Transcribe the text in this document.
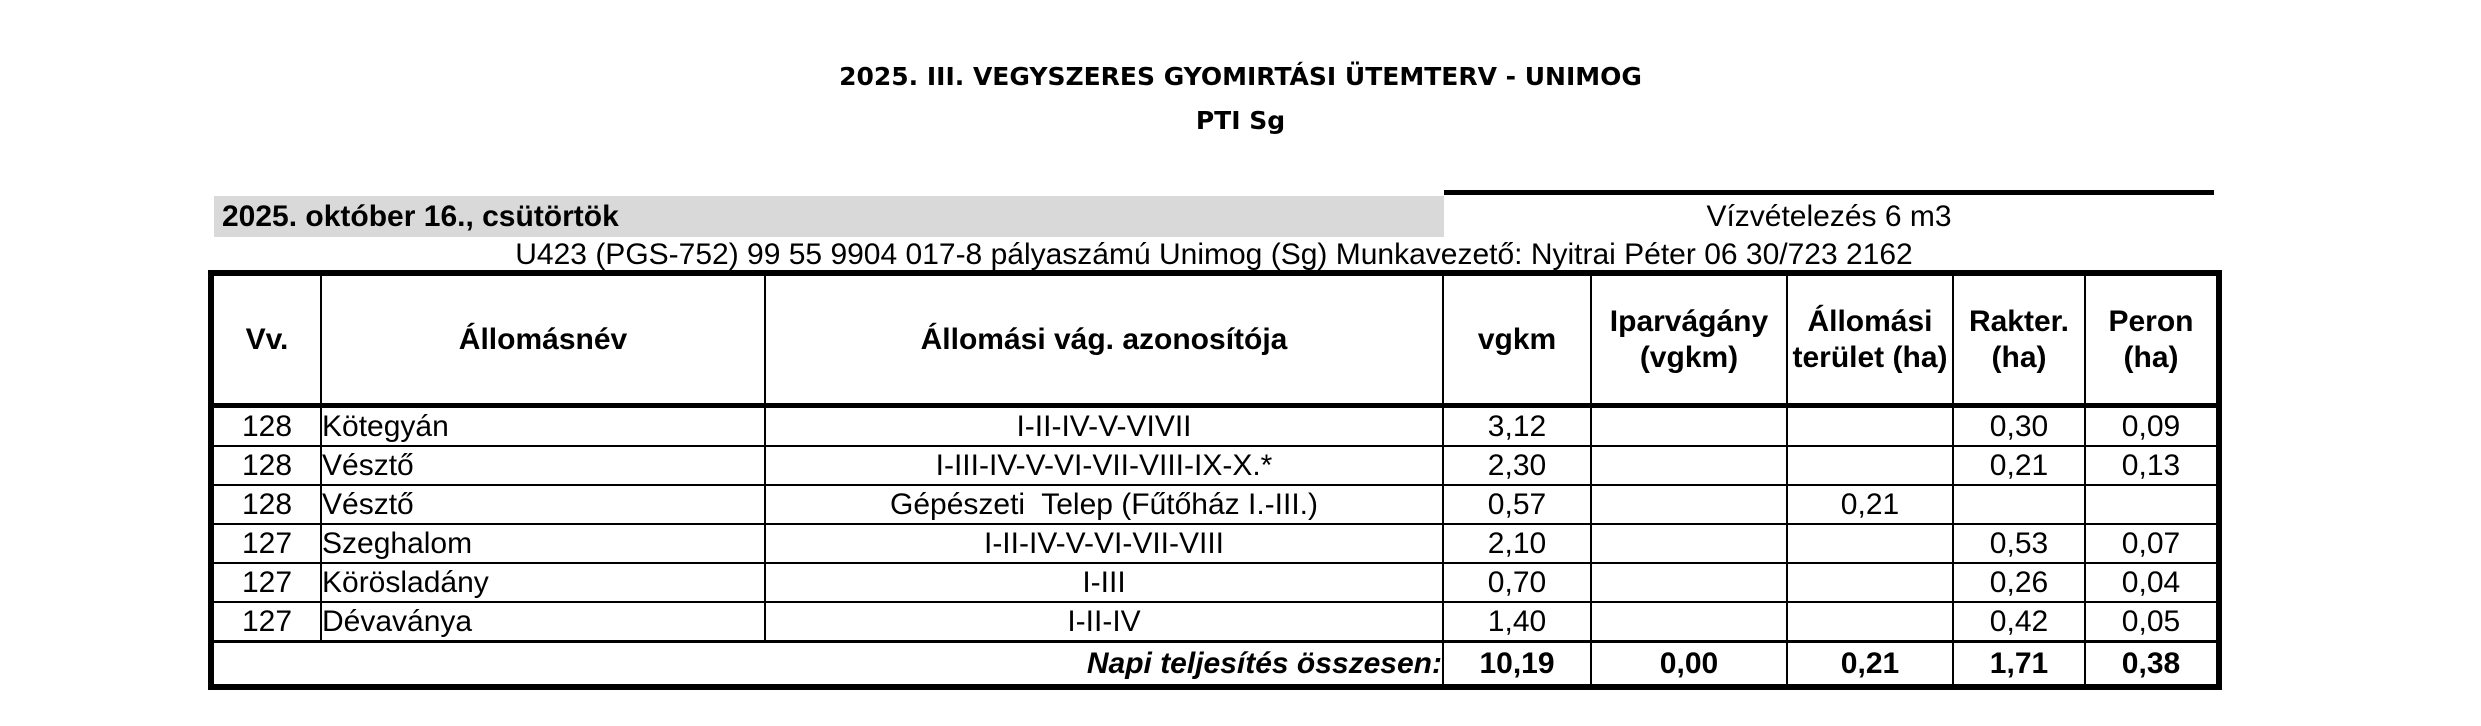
2025. III. VEGYSZERES GYOMIRTÁSI ÜTEMTERV - UNIMOG
PTI Sg
2025. október 16., csütörtök	Vízvételezés 6 m3
U423 (PGS-752) 99 55 9904 017-8 pályaszámú Unimog (Sg) Munkavezető: Nyitrai Péter 06 30/723 2162
Vv.	Állomásnév	Állomási vág. azonosítója	vgkm	Iparvágány (vgkm)	Állomási terület (ha)	Rakter. (ha)	Peron (ha)
128	Kötegyán	I-II-IV-V-VIVII	3,12			0,30	0,09
128	Vésztő	I-III-IV-V-VI-VII-VIII-IX-X.*	2,30			0,21	0,13
128	Vésztő	Gépészeti  Telep (Fűtőház I.-III.)	0,57		0,21		
127	Szeghalom	I-II-IV-V-VI-VII-VIII	2,10			0,53	0,07
127	Körösladány	I-III	0,70			0,26	0,04
127	Dévaványa	I-II-IV	1,40			0,42	0,05
Napi teljesítés összesen:			10,19	0,00	0,21	1,71	0,38
